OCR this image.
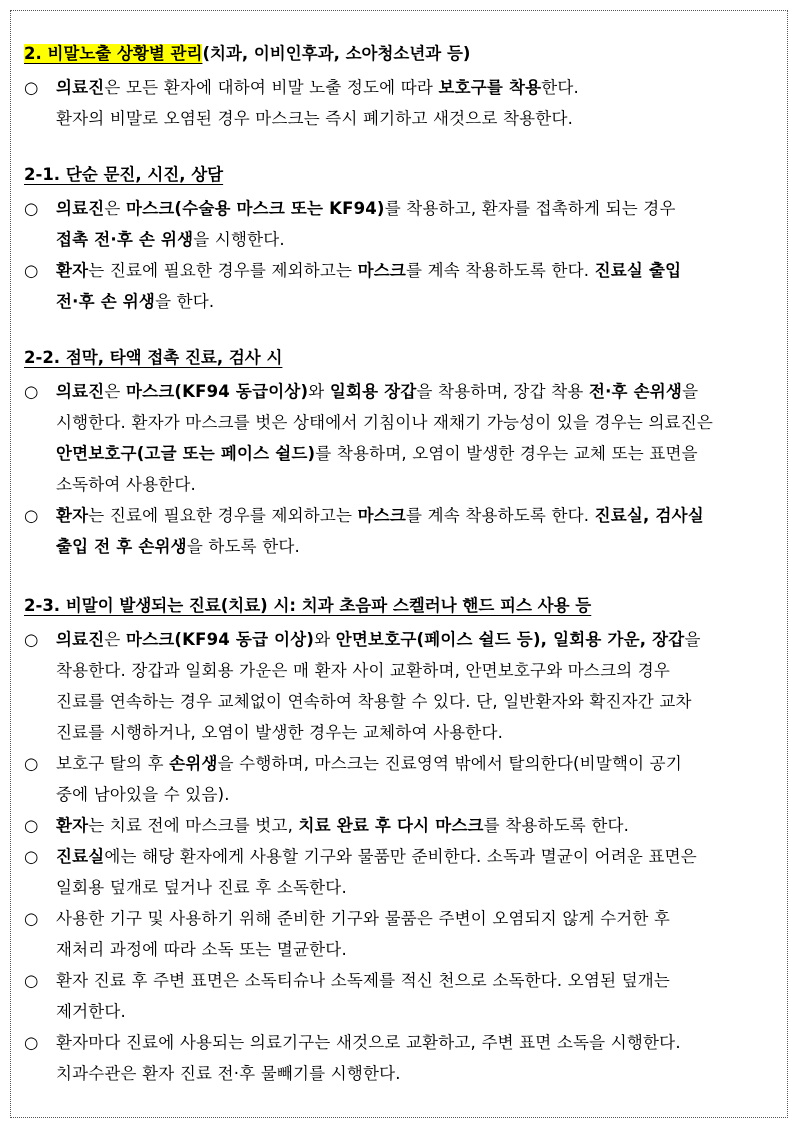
2. 비말노출 상황별 관리(치과, 이비인후과, 소아청소년과 등)
○	의료진은 모든 환자에 대하여 비말 노출 정도에 따라 보호구를 착용한다.

환자의 비말로 오염된 경우 마스크는 즉시 폐기하고 새것으로 착용한다.

2-1. 단순 문진, 시진, 상담
○	의료진은 마스크(수술용 마스크 또는 KF94)를 착용하고, 환자를 접촉하게 되는 경우

접촉 전·후 손 위생을 시행한다.

○	환자는 진료에 필요한 경우를 제외하고는 마스크를 계속 착용하도록 한다. 진료실 출입

전·후 손 위생을 한다.

2-2. 점막, 타액 접촉 진료, 검사 시
○	의료진은 마스크(KF94 동급이상)와 일회용 장갑을 착용하며, 장갑 착용 전·후 손위생을

시행한다. 환자가 마스크를 벗은 상태에서 기침이나 재채기 가능성이 있을 경우는 의료진은

안면보호구(고글 또는 페이스 쉴드)를 착용하며, 오염이 발생한 경우는 교체 또는 표면을

소독하여 사용한다.

○	환자는 진료에 필요한 경우를 제외하고는 마스크를 계속 착용하도록 한다. 진료실, 검사실

출입 전 후 손위생을 하도록 한다.

2-3. 비말이 발생되는 진료(치료) 시: 치과 초음파 스켈러나 핸드 피스 사용 등
○	의료진은 마스크(KF94 동급 이상)와 안면보호구(페이스 쉴드 등), 일회용 가운, 장갑을

착용한다. 장갑과 일회용 가운은 매 환자 사이 교환하며, 안면보호구와 마스크의 경우

진료를 연속하는 경우 교체없이 연속하여 착용할 수 있다. 단, 일반환자와 확진자간 교차

진료를 시행하거나, 오염이 발생한 경우는 교체하여 사용한다.

○	보호구 탈의 후 손위생을 수행하며, 마스크는 진료영역 밖에서 탈의한다(비말핵이 공기

중에 남아있을 수 있음).

○	환자는 치료 전에 마스크를 벗고, 치료 완료 후 다시 마스크를 착용하도록 한다.

○	진료실에는 해당 환자에게 사용할 기구와 물품만 준비한다. 소독과 멸균이 어려운 표면은

일회용 덮개로 덮거나 진료 후 소독한다.

○	사용한 기구 및 사용하기 위해 준비한 기구와 물품은 주변이 오염되지 않게 수거한 후

재처리 과정에 따라 소독 또는 멸균한다.

○	환자 진료 후 주변 표면은 소독티슈나 소독제를 적신 천으로 소독한다. 오염된 덮개는

제거한다.

○	환자마다 진료에 사용되는 의료기구는 새것으로 교환하고, 주변 표면 소독을 시행한다.

치과수관은 환자 진료 전·후 물빼기를 시행한다.
